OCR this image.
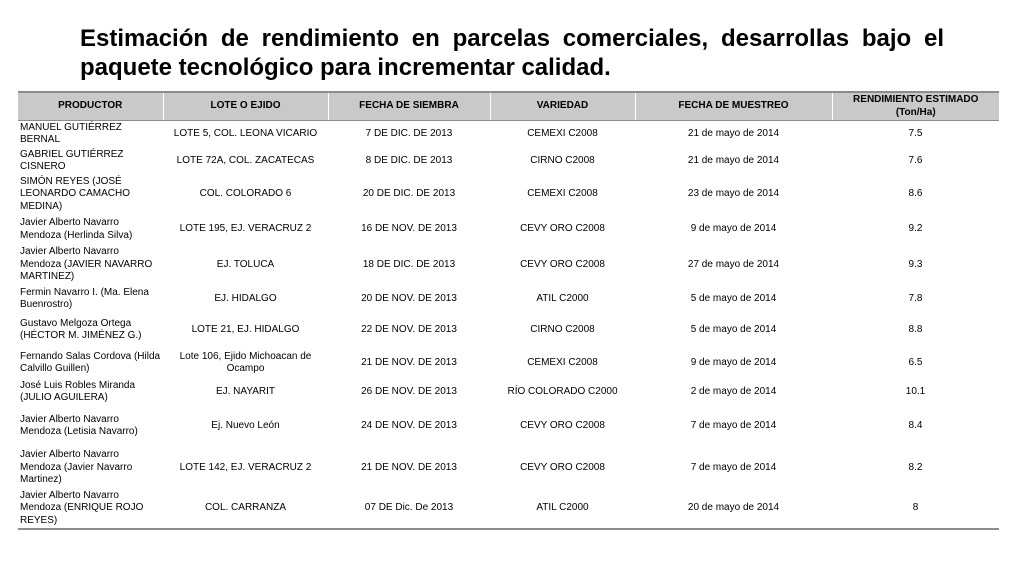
Estimación de rendimiento en parcelas comerciales, desarrollas bajo el paquete tecnológico para incrementar calidad.
PRODUCTOR	LOTE O EJIDO	FECHA DE SIEMBRA	VARIEDAD	FECHA DE MUESTREO	RENDIMIENTO ESTIMADO (Ton/Ha)
MANUEL GUTIÉRREZ BERNAL	LOTE 5, COL. LEONA VICARIO	7 DE DIC. DE 2013	CEMEXI C2008	21 de mayo de 2014	7.5
GABRIEL GUTIÉRREZ CISNERO	LOTE 72A, COL. ZACATECAS	8 DE DIC. DE 2013	CIRNO C2008	21 de mayo de 2014	7.6
SIMÓN REYES (JOSÉ LEONARDO CAMACHO MEDINA)	COL. COLORADO 6	20 DE DIC. DE 2013	CEMEXI C2008	23 de mayo de 2014	8.6
Javier Alberto Navarro Mendoza (Herlinda Silva)	LOTE 195, EJ. VERACRUZ 2	16 DE NOV. DE 2013	CEVY ORO C2008	9 de mayo de 2014	9.2
Javier Alberto Navarro Mendoza (JAVIER NAVARRO MARTINEZ)	EJ. TOLUCA	18 DE DIC. DE 2013	CEVY ORO C2008	27 de mayo de 2014	9.3
Fermin Navarro I. (Ma. Elena Buenrostro)	EJ. HIDALGO	20 DE NOV. DE 2013	ATIL C2000	5 de mayo de 2014	7.8
Gustavo Melgoza Ortega (HÉCTOR M. JIMÉNEZ G.)	LOTE 21, EJ. HIDALGO	22 DE NOV. DE 2013	CIRNO C2008	5 de mayo de 2014	8.8
Fernando Salas Cordova (Hilda Calvillo Guillen)	Lote 106, Ejido Michoacan de Ocampo	21 DE NOV. DE 2013	CEMEXI C2008	9 de mayo de 2014	6.5
José Luis Robles Miranda (JULIO AGUILERA)	EJ. NAYARIT	26 DE NOV. DE 2013	RÍO COLORADO C2000	2 de mayo de 2014	10.1
Javier Alberto Navarro Mendoza (Letisia Navarro)	Ej. Nuevo León	24 DE NOV. DE 2013	CEVY ORO C2008	7 de mayo de 2014	8.4
Javier Alberto Navarro Mendoza (Javier Navarro Martinez)	LOTE 142, EJ. VERACRUZ 2	21 DE NOV. DE 2013	CEVY ORO C2008	7 de mayo de 2014	8.2
Javier Alberto Navarro Mendoza (ENRIQUE ROJO REYES)	COL. CARRANZA	07 DE Dic. De 2013	ATIL C2000	20 de mayo de 2014	8
